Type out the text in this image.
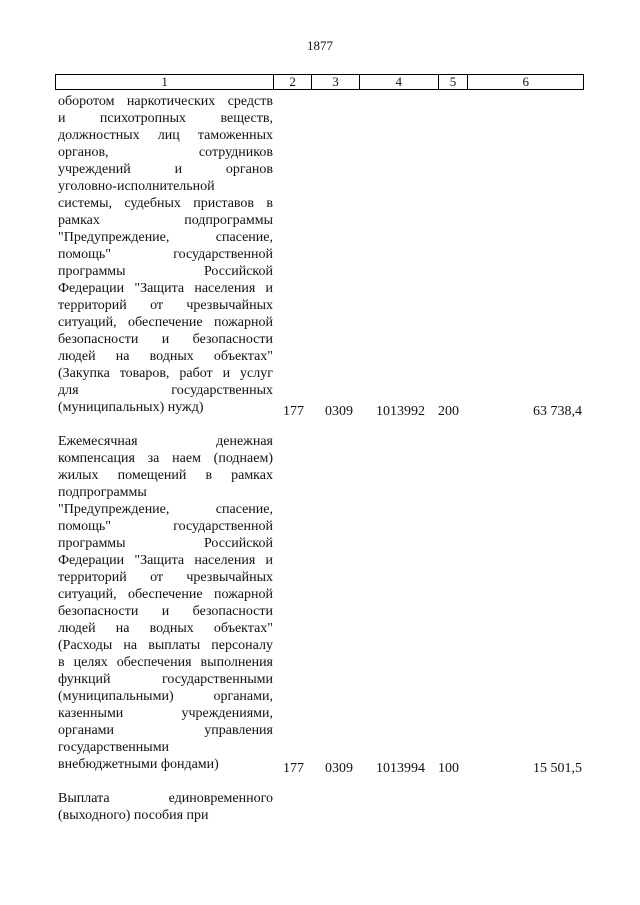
1877
1	2	3	4	5	6
оборотом наркотических средств
и психотропных веществ,
должностных лиц таможенных
органов, сотрудников
учреждений и органов
уголовно-исполнительной
системы, судебных приставов в
рамках подпрограммы
"Предупреждение, спасение,
помощь" государственной
программы Российской
Федерации "Защита населения и
территорий от чрезвычайных
ситуаций, обеспечение пожарной
безопасности и безопасности
людей на водных объектах"
(Закупка товаров, работ и услуг
для государственных
(муниципальных) нужд)	177 0309 1013992 200	63 738,4
Ежемесячная денежная
компенсация за наем (поднаем)
жилых помещений в рамках
подпрограммы
"Предупреждение, спасение,
помощь" государственной
программы Российской
Федерации "Защита населения и
территорий от чрезвычайных
ситуаций, обеспечение пожарной
безопасности и безопасности
людей на водных объектах"
(Расходы на выплаты персоналу
в целях обеспечения выполнения
функций государственными
(муниципальными) органами,
казенными учреждениями,
органами управления
государственными
внебюджетными фондами)	177 0309 1013994 100	15 501,5
Выплата единовременного
(выходного) пособия при
